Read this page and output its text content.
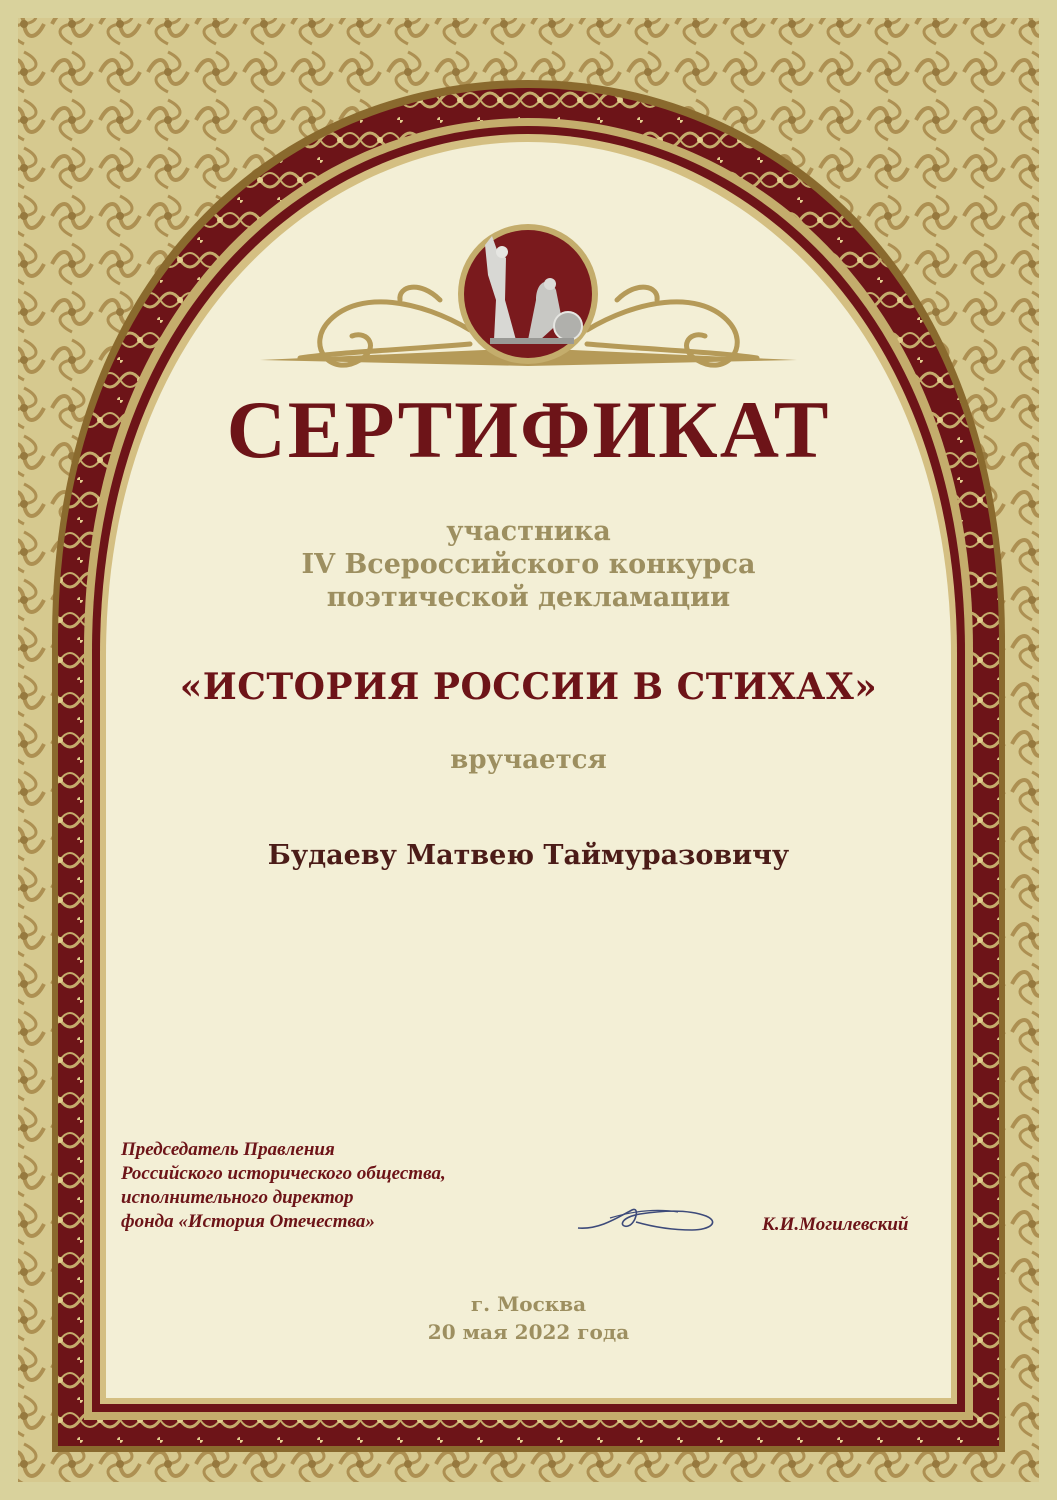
СЕРТИФИКАТ
участника
IV Всероссийского конкурса
поэтической декламации
«ИСТОРИЯ РОССИИ В СТИХАХ»
вручается
Будаеву Матвею Таймуразовичу
Председатель Правления
Российского исторического общества,
исполнительного директор
фонда «История Отечества»	К.И.Могилевский
г. Москва
20 мая 2022 года
